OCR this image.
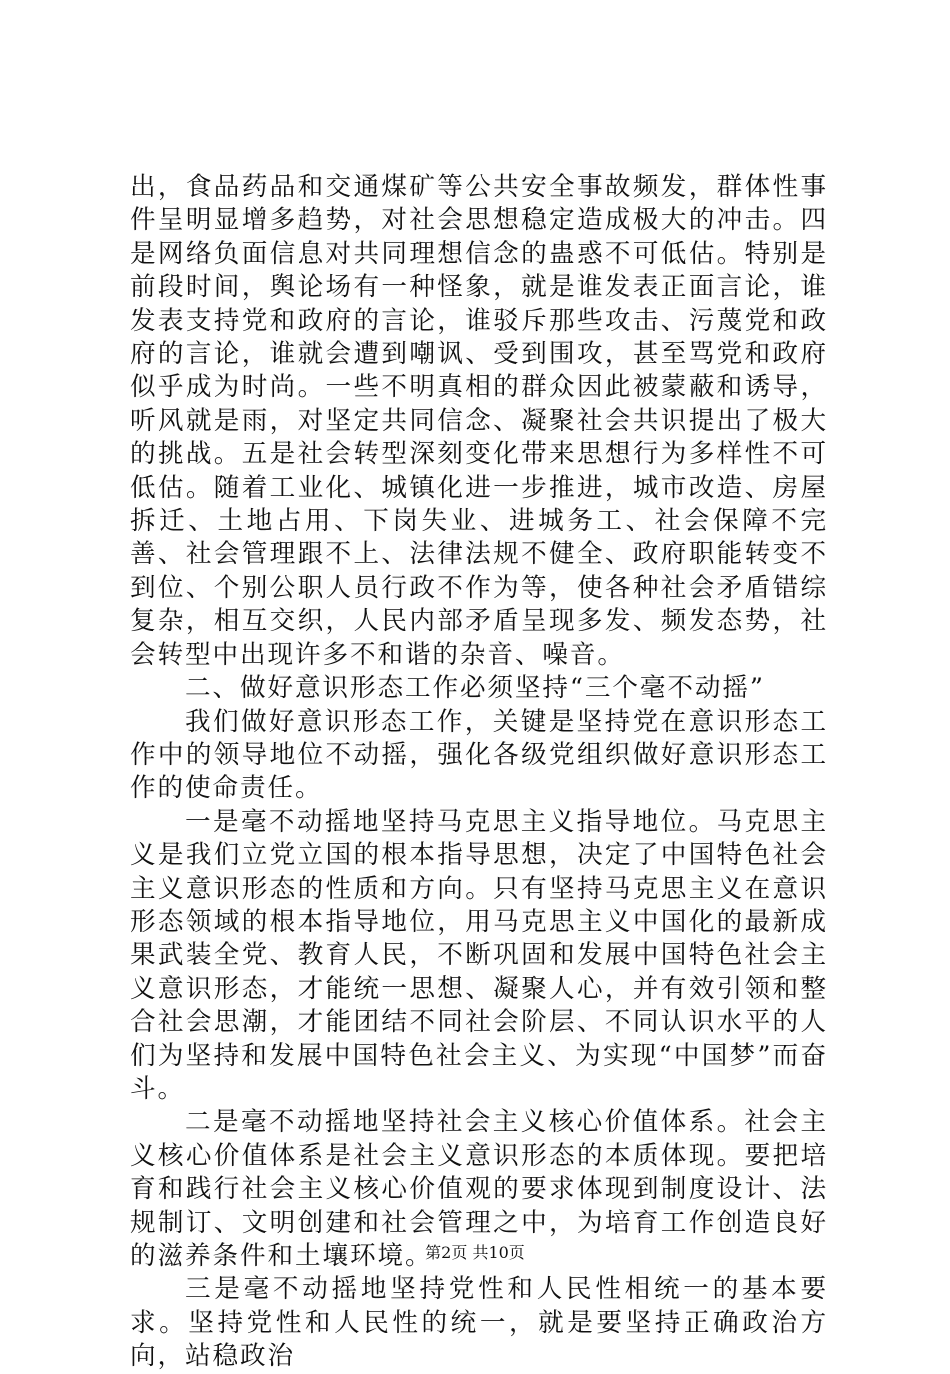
出，食品药品和交通煤矿等公共安全事故频发，群体性事件呈明显增多趋势，对社会思想稳定造成极大的冲击。四是网络负面信息对共同理想信念的蛊惑不可低估。特别是前段时间，舆论场有一种怪象，就是谁发表正面言论，谁发表支持党和政府的言论，谁驳斥那些攻击、污蔑党和政府的言论，谁就会遭到嘲讽、受到围攻，甚至骂党和政府似乎成为时尚。一些不明真相的群众因此被蒙蔽和诱导，听风就是雨，对坚定共同信念、凝聚社会共识提出了极大的挑战。五是社会转型深刻变化带来思想行为多样性不可低估。随着工业化、城镇化进一步推进，城市改造、房屋拆迁、土地占用、下岗失业、进城务工、社会保障不完善、社会管理跟不上、法律法规不健全、政府职能转变不到位、个别公职人员行政不作为等，使各种社会矛盾错综复杂，相互交织，人民内部矛盾呈现多发、频发态势，社会转型中出现许多不和谐的杂音、噪音。

二、做好意识形态工作必须坚持“三个毫不动摇”

我们做好意识形态工作，关键是坚持党在意识形态工作中的领导地位不动摇，强化各级党组织做好意识形态工作的使命责任。

一是毫不动摇地坚持马克思主义指导地位。马克思主义是我们立党立国的根本指导思想，决定了中国特色社会主义意识形态的性质和方向。只有坚持马克思主义在意识形态领域的根本指导地位，用马克思主义中国化的最新成果武装全党、教育人民，不断巩固和发展中国特色社会主义意识形态，才能统一思想、凝聚人心，并有效引领和整合社会思潮，才能团结不同社会阶层、不同认识水平的人们为坚持和发展中国特色社会主义、为实现“中国梦”而奋斗。

二是毫不动摇地坚持社会主义核心价值体系。社会主义核心价值体系是社会主义意识形态的本质体现。要把培育和践行社会主义核心价值观的要求体现到制度设计、法规制订、文明创建和社会管理之中，为培育工作创造良好的滋养条件和土壤环境。

三是毫不动摇地坚持党性和人民性相统一的基本要求。坚持党性和人民性的统一，就是要坚持正确政治方向，站稳政治

第2页 共10页
